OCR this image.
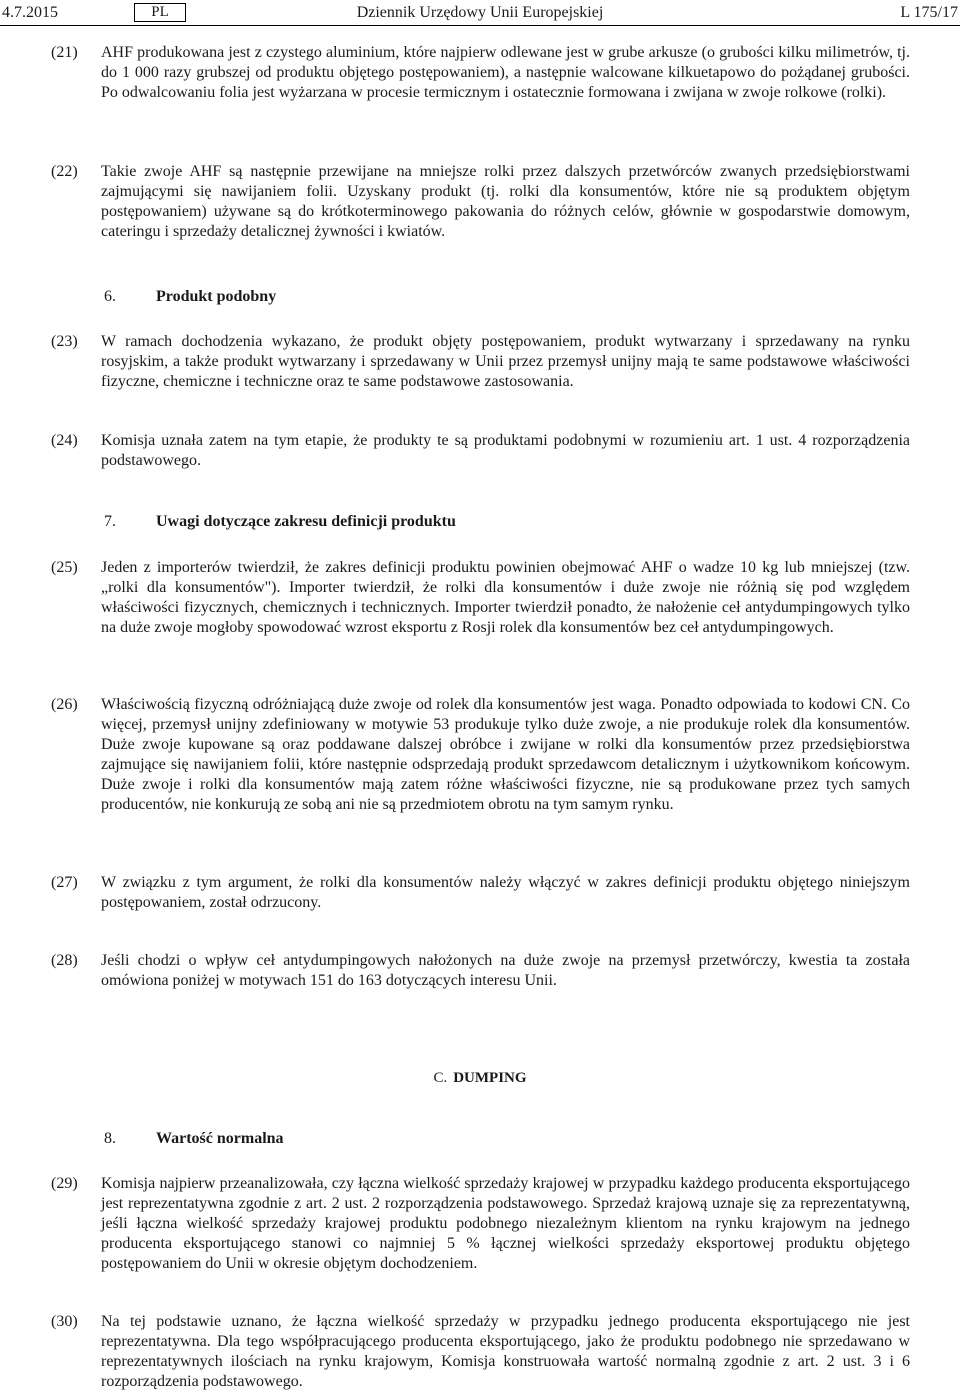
4.7.2015	PL	Dziennik Urzędowy Unii Europejskiej	L 175/17
(21) AHF produkowana jest z czystego aluminium, które najpierw odlewane jest w grube arkusze (o grubości kilku milimetrów, tj. do 1 000 razy grubszej od produktu objętego postępowaniem), a następnie walcowane kilkuetapowo do pożądanej grubości. Po odwalcowaniu folia jest wyżarzana w procesie termicznym i ostatecznie formowana i zwijana w zwoje rolkowe (rolki).
(22) Takie zwoje AHF są następnie przewijane na mniejsze rolki przez dalszych przetwórców zwanych przedsiębiorstwami zajmującymi się nawijaniem folii. Uzyskany produkt (tj. rolki dla konsumentów, które nie są produktem objętym postępowaniem) używane są do krótkoterminowego pakowania do różnych celów, głównie w gospodarstwie domowym, cateringu i sprzedaży detalicznej żywności i kwiatów.
6.	Produkt podobny
(23) W ramach dochodzenia wykazano, że produkt objęty postępowaniem, produkt wytwarzany i sprzedawany na rynku rosyjskim, a także produkt wytwarzany i sprzedawany w Unii przez przemysł unijny mają te same podstawowe właściwości fizyczne, chemiczne i techniczne oraz te same podstawowe zastosowania.
(24) Komisja uznała zatem na tym etapie, że produkty te są produktami podobnymi w rozumieniu art. 1 ust. 4 rozporządzenia podstawowego.
7.	Uwagi dotyczące zakresu definicji produktu
(25) Jeden z importerów twierdził, że zakres definicji produktu powinien obejmować AHF o wadze 10 kg lub mniejszej (tzw. „rolki dla konsumentów"). Importer twierdził, że rolki dla konsumentów i duże zwoje nie różnią się pod względem właściwości fizycznych, chemicznych i technicznych. Importer twierdził ponadto, że nałożenie ceł antydumpingowych tylko na duże zwoje mogłoby spowodować wzrost eksportu z Rosji rolek dla konsumentów bez ceł antydumpingowych.
(26) Właściwością fizyczną odróżniającą duże zwoje od rolek dla konsumentów jest waga. Ponadto odpowiada to kodowi CN. Co więcej, przemysł unijny zdefiniowany w motywie 53 produkuje tylko duże zwoje, a nie produkuje rolek dla konsumentów. Duże zwoje kupowane są oraz poddawane dalszej obróbce i zwijane w rolki dla konsumentów przez przedsiębiorstwa zajmujące się nawijaniem folii, które następnie odsprzedają produkt sprzedawcom detalicznym i użytkownikom końcowym. Duże zwoje i rolki dla konsumentów mają zatem różne właściwości fizyczne, nie są produkowane przez tych samych producentów, nie konkurują ze sobą ani nie są przedmiotem obrotu na tym samym rynku.
(27) W związku z tym argument, że rolki dla konsumentów należy włączyć w zakres definicji produktu objętego niniejszym postępowaniem, został odrzucony.
(28) Jeśli chodzi o wpływ ceł antydumpingowych nałożonych na duże zwoje na przemysł przetwórczy, kwestia ta została omówiona poniżej w motywach 151 do 163 dotyczących interesu Unii.
C. DUMPING
8.	Wartość normalna
(29) Komisja najpierw przeanalizowała, czy łączna wielkość sprzedaży krajowej w przypadku każdego producenta eksportującego jest reprezentatywna zgodnie z art. 2 ust. 2 rozporządzenia podstawowego. Sprzedaż krajową uznaje się za reprezentatywną, jeśli łączna wielkość sprzedaży krajowej produktu podobnego niezależnym klientom na rynku krajowym na jednego producenta eksportującego stanowi co najmniej 5 % łącznej wielkości sprzedaży eksportowej produktu objętego postępowaniem do Unii w okresie objętym dochodzeniem.
(30) Na tej podstawie uznano, że łączna wielkość sprzedaży w przypadku jednego producenta eksportującego nie jest reprezentatywna. Dla tego współpracującego producenta eksportującego, jako że produktu podobnego nie sprzedawano w reprezentatywnych ilościach na rynku krajowym, Komisja konstruowała wartość normalną zgodnie z art. 2 ust. 3 i 6 rozporządzenia podstawowego.
